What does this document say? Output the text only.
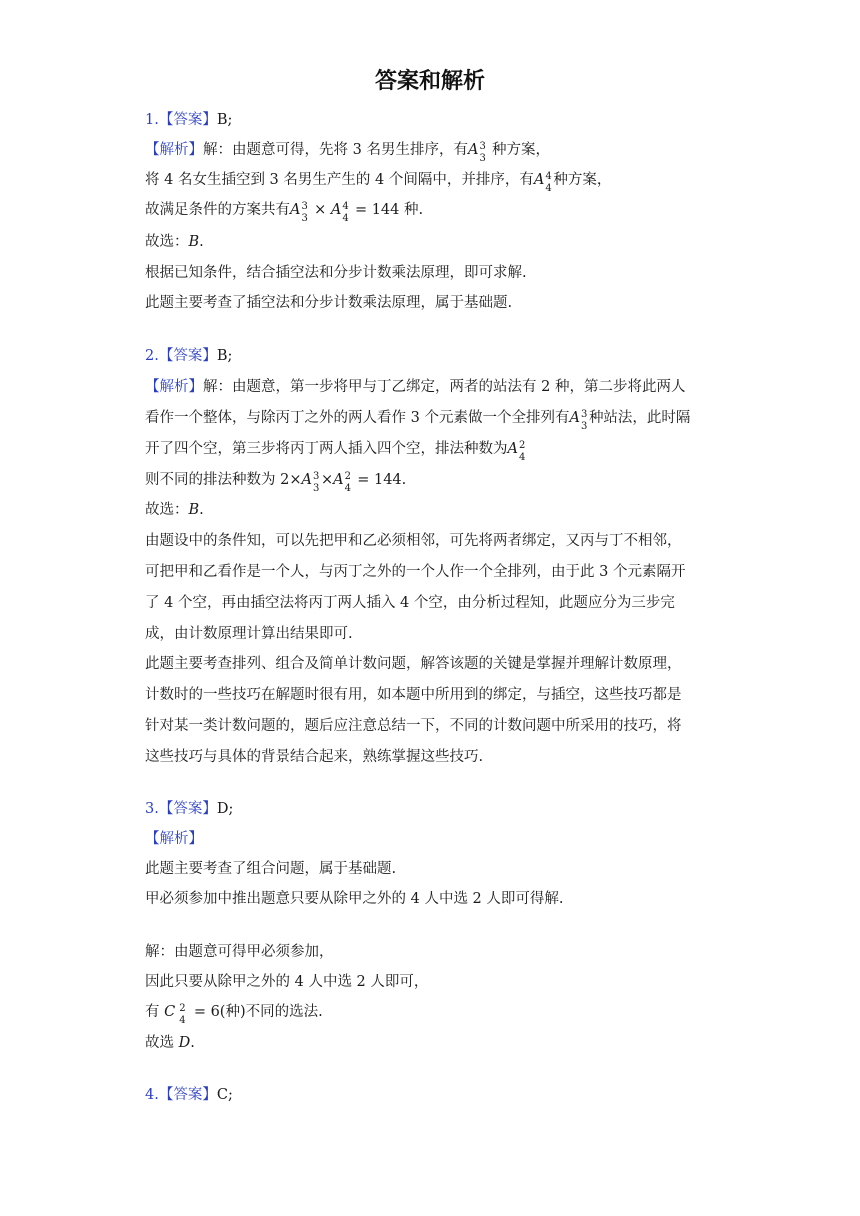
答案和解析
1.【答案】B;
【解析】解：由题意可得，先将 3 名男生排序，有A 3
3
种方案，
将 4 名女生插空到 3 名男生产生的 4 个间隔中，并排序，有A 4
4
种方案，
故满足条件的方案共有A 3
3
× A 4
4
= 144 种.
故选：B.
根据已知条件，结合插空法和分步计数乘法原理，即可求解.
此题主要考查了插空法和分步计数乘法原理，属于基础题.
2.【答案】B;
【解析】解：由题意，第一步将甲与丁乙绑定，两者的站法有 2 种，第二步将此两人
看作一个整体，与除丙丁之外的两人看作 3 个元素做一个全排列有A 3
3
种站法，此时隔
开了四个空，第三步将丙丁两人插入四个空，排法种数为A 2
4
则不同的排法种数为 2×A 3
3
×A 2
4
= 144.
故选：B.
由题设中的条件知，可以先把甲和乙必须相邻，可先将两者绑定，又丙与丁不相邻，
可把甲和乙看作是一个人，与丙丁之外的一个人作一个全排列，由于此 3 个元素隔开
了 4 个空，再由插空法将丙丁两人插入 4 个空，由分析过程知，此题应分为三步完
成，由计数原理计算出结果即可.
此题主要考查排列、组合及简单计数问题，解答该题的关键是掌握并理解计数原理，
计数时的一些技巧在解题时很有用，如本题中所用到的绑定，与插空，这些技巧都是
针对某一类计数问题的，题后应注意总结一下，不同的计数问题中所采用的技巧，将
这些技巧与具体的背景结合起来，熟练掌握这些技巧.
3.【答案】D;
【解析】
此题主要考查了组合问题，属于基础题.
甲必须参加中推出题意只要从除甲之外的 4 人中选 2 人即可得解.
解：由题意可得甲必须参加，
因此只要从除甲之外的 4 人中选 2 人即可，
有 C 2
4
= 6(种)不同的选法.
故选 D.
4.【答案】C;
